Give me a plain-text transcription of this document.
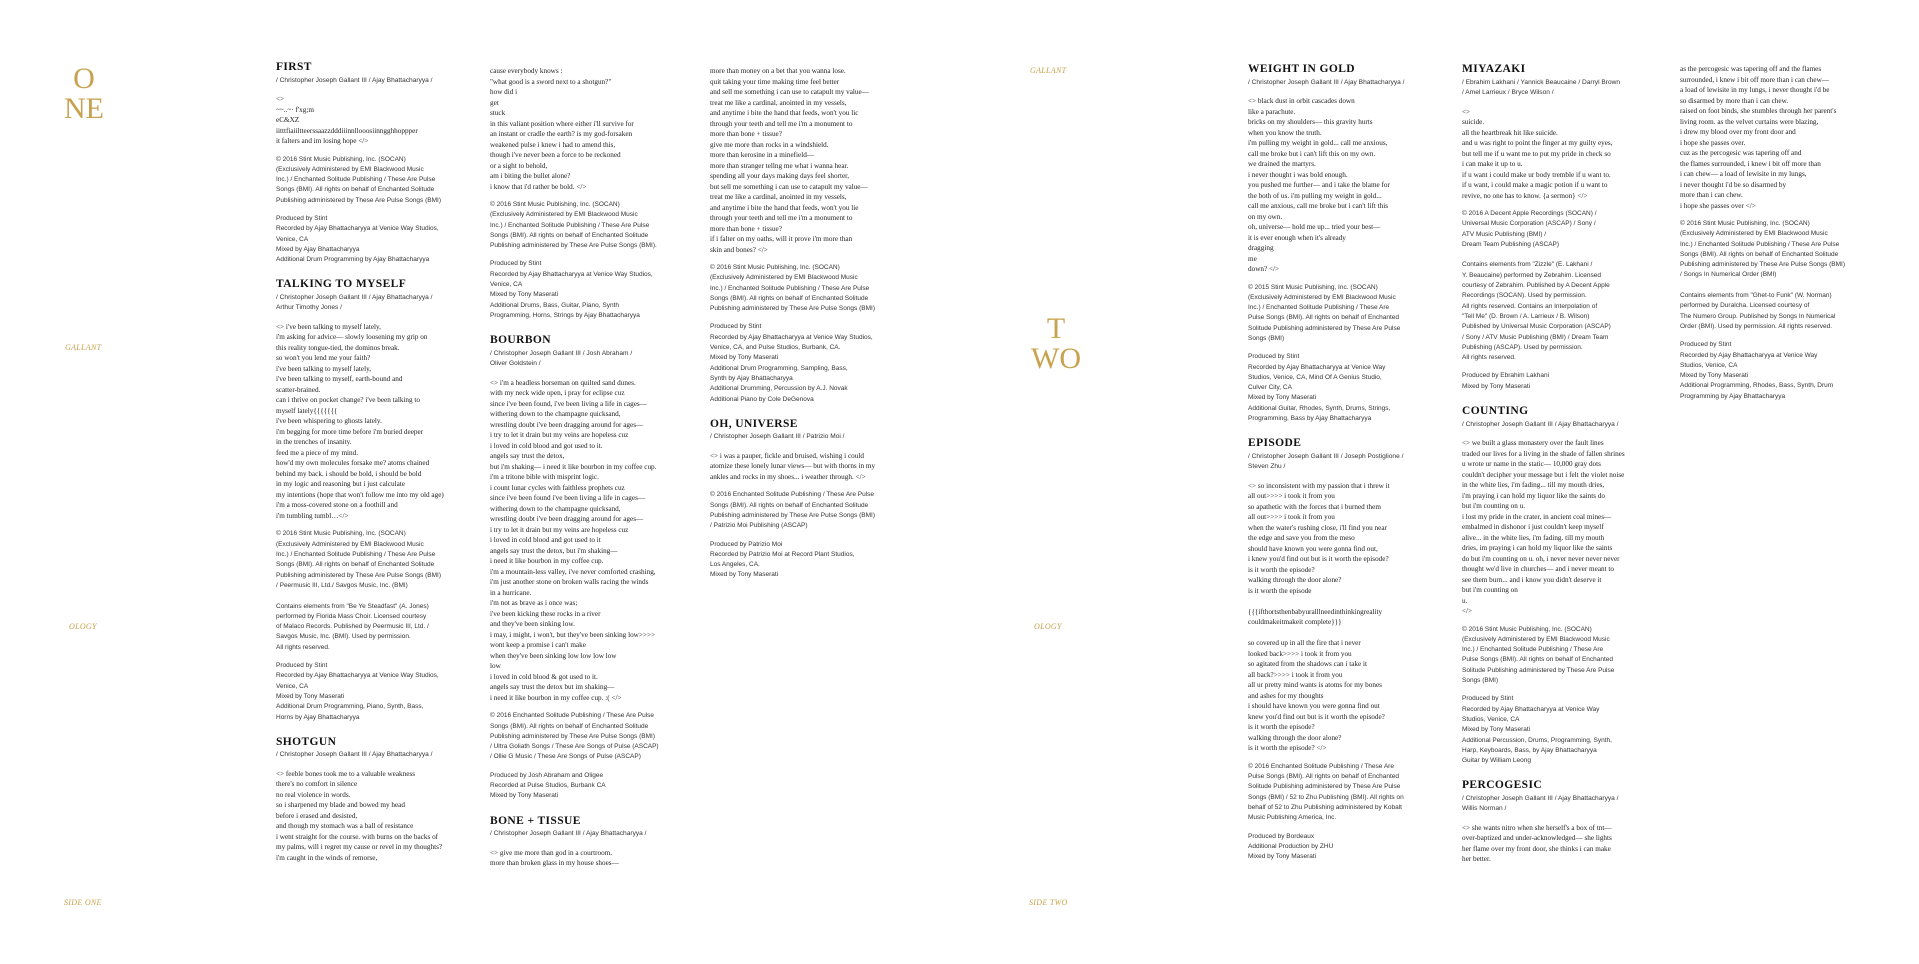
O
NE
GALLANT
OLOGY
SIDE ONE
GALLANT
T
WO
OLOGY
SIDE TWO
FIRST
/ Christopher Joseph Gallant III / Ajay Bhattacharyya /
<>
~~..~· f'xg;m
eC&XZ
iitttfiaiiltteerssaazzdddiiinnllooosiinngghhoppper
it falters and im losing hope </>
© 2016 Stint Music Publishing, Inc. (SOCAN)
(Exclusively Administered by EMI Blackwood Music
Inc.) / Enchanted Solitude Publishing / These Are Pulse
Songs (BMI). All rights on behalf of Enchanted Solitude
Publishing administered by These Are Pulse Songs (BMI)
Produced by Stint
Recorded by Ajay Bhattacharyya at Venice Way Studios,
Venice, CA
Mixed by Ajay Bhattacharyya
Additional Drum Programming by Ajay Bhattacharyya
TALKING TO MYSELF
/ Christopher Joseph Gallant III / Ajay Bhattacharyya /
Arthur Timothy Jones /
<> i've been talking to myself lately,
i'm asking for advice— slowly loosening my grip on
this reality tongue-tied, the dominos break.
so won't you lend me your faith?
i've been talking to myself lately,
i've been talking to myself, earth-bound and
scatter-brained.
can i thrive on pocket change? i've been talking to
myself lately{{{{{{{
i've been whispering to ghosts lately.
i'm begging for more time before i'm buried deeper
in the trenches of insanity.
feed me a piece of my mind.
how'd my own molecules forsake me? atoms chained
behind my back. i should be bold, i should be bold
in my logic and reasoning but i just calculate
my intentions (hope that won't follow me into my old age)
i'm a moss-covered stone on a foothill and
i'm tumbling tumbl…</>
© 2016 Stint Music Publishing, Inc. (SOCAN)
(Exclusively Administered by EMI Blackwood Music
Inc.) / Enchanted Solitude Publishing / These Are Pulse
Songs (BMI). All rights on behalf of Enchanted Solitude
Publishing administered by These Are Pulse Songs (BMI)
/ Peermusic III, Ltd./ Savgos Music, Inc. (BMI)

Contains elements from "Be Ye Steadfast" (A. Jones)
performed by Florida Mass Choir. Licensed courtesy
of Malaco Records. Published by Peermusic III, Ltd. /
Savgos Music, Inc. (BMI). Used by permission.
All rights reserved.
Produced by Stint
Recorded by Ajay Bhattacharyya at Venice Way Studios,
Venice, CA
Mixed by Tony Maserati
Additional Drum Programming, Piano, Synth, Bass,
Horns by Ajay Bhattacharyya
SHOTGUN
/ Christopher Joseph Gallant III / Ajay Bhattacharyya /
<> feeble bones took me to a valuable weakness
there's no comfort in silence
no real violence in words.
so i sharpened my blade and bowed my head
before i erased and desisted,
and though my stomach was a ball of resistance
i went straight for the course. with burns on the backs of
my palms, will i regret my cause or revel in my thoughts?
i'm caught in the winds of remorse,
cause everybody knows :
"what good is a sword next to a shotgun?"
how did i
get
stuck
in this valiant position where either i'll survive for
an instant or cradle the earth? is my god-forsaken
weakened pulse i knew i had to amend this,
though i've never been a force to be reckoned
or a sight to behold,
am i biting the bullet alone?
i know that i'd rather be bold. </>
© 2016 Stint Music Publishing, Inc. (SOCAN)
(Exclusively Administered by EMI Blackwood Music
Inc.) / Enchanted Solitude Publishing / These Are Pulse
Songs (BMI). All rights on behalf of Enchanted Solitude
Publishing administered by These Are Pulse Songs (BMI).
Produced by Stint
Recorded by Ajay Bhattacharyya at Venice Way Studios,
Venice, CA
Mixed by Tony Maserati
Additional Drums, Bass, Guitar, Piano, Synth
Programming, Horns, Strings by Ajay Bhattacharyya
BOURBON
/ Christopher Joseph Gallant III / Josh Abraham /
Oliver Goldstein /
<> i'm a headless horseman on quilted sand dunes.
with my neck wide open, i pray for eclipse cuz
since i've been found, i've been living a life in cages—
withering down to the champagne quicksand,
wrestling doubt i've been dragging around for ages—
i try to let it drain but my veins are hopeless cuz
i loved in cold blood and got used to it.
angels say trust the detox,
but i'm shaking— i need it like bourbon in my coffee cup.
i'm a tritone bible with misprint logic.
i count lunar cycles with faithless prophets cuz
since i've been found i've been living a life in cages—
withering down to the champagne quicksand,
wrestling doubt i've been dragging around for ages—
i try to let it drain but my veins are hopeless cuz
i loved in cold blood and got used to it
angels say trust the detox, but i'm shaking—
i need it like bourbon in my coffee cup.
i'm a mountain-less valley, i've never comforted crashing,
i'm just another stone on broken walls racing the winds
in a hurricane.
i'm not as brave as i once was;
i've been kicking these rocks in a river
and they've been sinking low.
i may, i might, i won't, but they've been sinking low>>>>
wont keep a promise i can't make
when they've been sinking low low low low
low
i loved in cold blood & got used to it.
angels say trust the detox but im shaking—
i need it like bourbon in my coffee cup. :( </>
© 2016 Enchanted Solitude Publishing / These Are Pulse
Songs (BMI). All rights on behalf of Enchanted Solitude
Publishing administered by These Are Pulse Songs (BMI)
/ Ultra Goliath Songs / These Are Songs of Pulse (ASCAP)
/ Ollie G Music / These Are Songs of Pulse (ASCAP)
Produced by Josh Abraham and Oligee
Recorded at Pulse Studios, Burbank CA
Mixed by Tony Maserati
BONE + TISSUE
/ Christopher Joseph Gallant III / Ajay Bhattacharyya /
<> give me more than god in a courtroom.
more than broken glass in my house shoes—
more than money on a bet that you wanna lose.
quit taking your time making time feel better
and sell me something i can use to catapult my value—
treat me like a cardinal, anointed in my vessels,
and anytime i bite the hand that feeds, won't you lic
through your teeth and tell me i'm a monument to
more than bone + tissue?
give me more than rocks in a windshield.
more than kerosine in a minefield—
more than stranger tellng me what i wanna hear.
spending all your days making days feel shorter,
but sell me something i can use to catapult my value—
treat me like a cardinal, anointed in my vessels,
and anytime i bite the hand that feeds, won't you lie
through your teeth and tell me i'm a monument to
more than bone + tissue?
if i falter on my oaths, will it prove i'm more than
skin and bones? </>
© 2016 Stint Music Publishing, Inc. (SOCAN)
(Exclusively Administered by EMI Blackwood Music
Inc.) / Enchanted Solitude Publishing / These Are Pulse
Songs (BMI). All rights on behalf of Enchanted Solitude
Publishing administered by These Are Pulse Songs (BMI)
Produced by Stint
Recorded by Ajay Bhattacharyya at Venice Way Studios,
Venice, CA, and Pulse Studios, Burbank, CA.
Mixed by Tony Maserati
Additional Drum Programming, Sampling, Bass,
Synth by Ajay Bhattacharyya
Additional Drumming, Percussion by A.J. Novak
Additional Piano by Cole DeGenova
OH, UNIVERSE
/ Christopher Joseph Gallant III / Patrizio Moi /
<> i was a pauper, fickle and bruised, wishing i could
atomize these lonely lunar views— but with thorns in my
ankles and rocks in my shoes... i weather through. </>
© 2016 Enchanted Solitude Publishing / These Are Pulse
Songs (BMI). All rights on behalf of Enchanted Solitude
Publishing administered by These Are Pulse Songs (BMI)
/ Patrizio Moi Publishing (ASCAP)
Produced by Patrizio Moi
Recorded by Patrizio Moi at Record Plant Studios,
Los Angeles, CA.
Mixed by Tony Maserati
WEIGHT IN GOLD
/ Christopher Joseph Gallant III / Ajay Bhattacharyya /
<> black dust in orbit cascades down
like a parachute.
bricks on my shoulders— this gravity hurts
when you know the truth.
i'm pulling my weight in gold... call me anxious,
call me broke but i can't lift this on my own.
we drained the martyrs.
i never thought i was bold enough.
you pushed me further— and i take the blame for
the both of us. i'm pulling my weight in gold...
call me anxious, call me broke but i can't lift this
on my own.
oh, universe— hold me up... tried your best—
it is ever enough when it's already
dragging
me
down? </>
© 2015 Stint Music Publishing, Inc. (SOCAN)
(Exclusively Administered by EMI Blackwood Music
Inc.) / Enchanted Solitude Publishing / These Are
Pulse Songs (BMI). All rights on behalf of Enchanted
Solitude Publishing administered by These Are Pulse
Songs (BMI)
Produced by Stint
Recorded by Ajay Bhattacharyya at Venice Way
Studios, Venice, CA, Mind Of A Genius Studio,
Culver City, CA
Mixed by Tony Maserati
Additional Guitar, Rhodes, Synth, Drums, Strings,
Programming, Bass by Ajay Bhattacharyya
EPISODE
/ Christopher Joseph Gallant III / Joseph Postiglione /
Steven Zhu /
<> so inconsistent with my passion that i threw it
all out>>>> i took it from you
so apathetic with the forces that i burned them
all out>>>> i took it from you
when the water's rushing close, i'll find you near
the edge and save you from the meso
should have known you were gonna find out,
i knew you'd find out but is it worth the episode?
is it worth the episode?
walking through the door alone?
is it worth the episode

{{{ifthortsthenbabyuralllneedinthinkingreality
couldmakeitmakeit complete}}}

so covered up in all the fire that i never
looked back>>>> i took it from you
so agitated from the shadows can i take it
all back?>>>> i took it from you
all ur pretty mind wants is atoms for my bones
and ashes for my thoughts
i should have known you were gonna find out
knew you'd find out but is it worth the episode?
is it worth the episode?
walking through the door alone?
is it worth the episode? </>
© 2016 Enchanted Solitude Publishing / These Are
Pulse Songs (BMI). All rights on behalf of Enchanted
Solitude Publishing administered by These Are Pulse
Songs (BMI) / 52 to Zhu Publishing (BMI). All rights on
behalf of 52 to Zhu Publishing administered by Kobalt
Music Publishing America, Inc.
Produced by Bordeaux
Additional Production by ZHU
Mixed by Tony Maserati
MIYAZAKI
/ Ebrahim Lakhani / Yannick Beaucaine / Darryl Brown
/ Amel Larrieux / Bryce Wilson /
<>
suicide.
all the heartbreak hit like suicide.
and u was right to point the finger at my guilty eyes,
but tell me if u want me to put my pride in check so
i can make it up to u.
if u want i could make ur body tremble if u want to.
if u want, i could make a magic potion if u want to
revive, no one has to know. {a sermon} </>
© 2016 A Decent Apple Recordings (SOCAN) /
Universal Music Corporation (ASCAP) / Sony /
ATV Music Publishing (BMI) /
Dream Team Publishing (ASCAP)

Contains elements from "Zizzle" (E. Lakhani /
Y. Beaucaine) performed by Zebrahim. Licensed
courtesy of Zebrahim. Published by A Decent Apple
Recordings (SOCAN). Used by permission.
All rights reserved. Contains an Interpolation of
"Tell Me" (D. Brown / A. Larrieux / B. Wilson)
Published by Universal Music Corporation (ASCAP)
/ Sony / ATV Music Publishing (BMI) / Dream Team
Publishing (ASCAP). Used by permission.
All rights reserved.
Produced by Ebrahim Lakhani
Mixed by Tony Maserati
COUNTING
/ Christopher Joseph Gallant III / Ajay Bhattacharyya /
<> we built a glass monastery over the fault lines
traded our lives for a living in the shade of fallen shrines
u wrote ur name in the static— 10,000 gray dots
couldn't decipher your message but i felt the violet noise
in the white lies, i'm fading... till my mouth dries,
i'm praying i can hold my liquor like the saints do
but i'm counting on u.
i lost my pride in the crater, in ancient coal mines—
embalmed in dishonor i just couldn't keep myself
alive... in the white lies, i'm fading. till my mouth
dries, im praying i can hold my liquor like the saints
do but i'm counting on u. oh, i never never never never
thought we'd live in churches— and i never meant to
see them burn... and i know you didn't deserve it
but i'm counting on
u.
</>
© 2016 Stint Music Publishing, Inc. (SOCAN)
(Exclusively Administered by EMI Blackwood Music
Inc.) / Enchanted Solitude Publishing / These Are
Pulse Songs (BMI). All rights on behalf of Enchanted
Solitude Publishing administered by These Are Pulse
Songs (BMI)
Produced by Stint
Recorded by Ajay Bhattacharyya at Venice Way
Studios, Venice, CA
Mixed by Tony Maserati
Additional Percussion, Drums, Programming, Synth,
Harp, Keyboards, Bass, by Ajay Bhattacharyya
Guitar by William Leong
PERCOGESIC
/ Christopher Joseph Gallant III / Ajay Bhattacharyya /
Willis Norman /
<> she wants nitro when she herself's a box of tnt—
over-baptized and under-acknowledged— she lights
her flame over my front door, she thinks i can make
her better.
as the percogesic was tapering off and the flames
surrounded, i knew i bit off more than i can chew—
a load of lewisite in my lungs, i never thought i'd be
so disarmed by more than i can chew.
raised on foot binds, she stumbles through her parent's
living room. as the velvet curtains were blazing,
i drew my blood over my front door and
i hope she passes over.
cuz as the percogesic was tapering off and
the flames surrounded, i knew i bit off more than
i can chew— a load of lewisite in my lungs,
i never thought i'd be so disarmed by
more than i can chew.
i hope she passes over </>
© 2016 Stint Music Publishing, Inc. (SOCAN)
(Exclusively Administered by EMI Blackwood Music
Inc.) / Enchanted Solitude Publishing / These Are Pulse
Songs (BMI). All rights on behalf of Enchanted Solitude
Publishing administered by These Are Pulse Songs (BMI)
/ Songs In Numerical Order (BMI)

Contains elements from "Ghet-to Funk" (W. Norman)
performed by Duralcha. Licensed courtesy of
The Numero Group. Published by Songs In Numerical
Order (BMI). Used by permission. All rights reserved.
Produced by Stint
Recorded by Ajay Bhattacharyya at Venice Way
Studios, Venice, CA
Mixed by Tony Maserati
Additional Programming, Rhodes, Bass, Synth, Drum
Programming by Ajay Bhattacharyya
